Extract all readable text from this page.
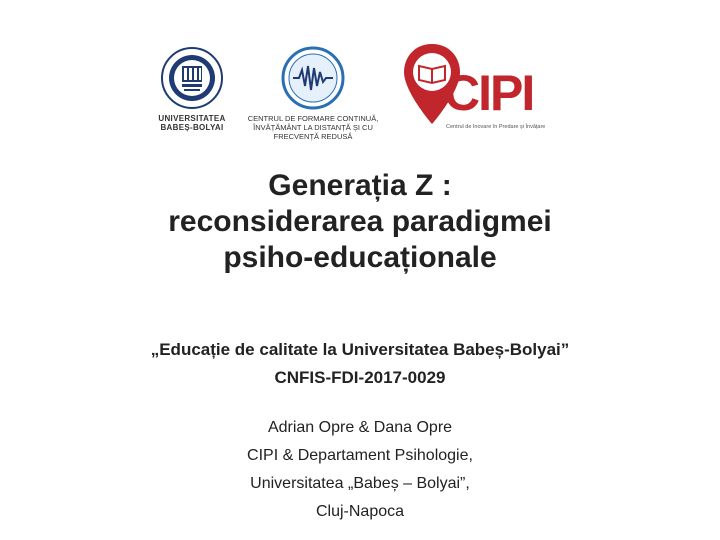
UNIVERSITATEA
BABEȘ-BOLYAI
CENTRUL DE FORMARE CONTINUĂ,
ÎNVĂȚĂMÂNT LA DISTANȚĂ ȘI CU
FRECVENȚĂ REDUSĂ
CIPI
Centrul de Inovare în Predare și Învățare
Generația Z :
reconsiderarea paradigmei
psiho-educaționale
„Educație de calitate la Universitatea Babeș-Bolyai”
CNFIS-FDI-2017-0029
Adrian Opre & Dana Opre
CIPI & Departament Psihologie,
Universitatea „Babeș – Bolyai”,
Cluj-Napoca
